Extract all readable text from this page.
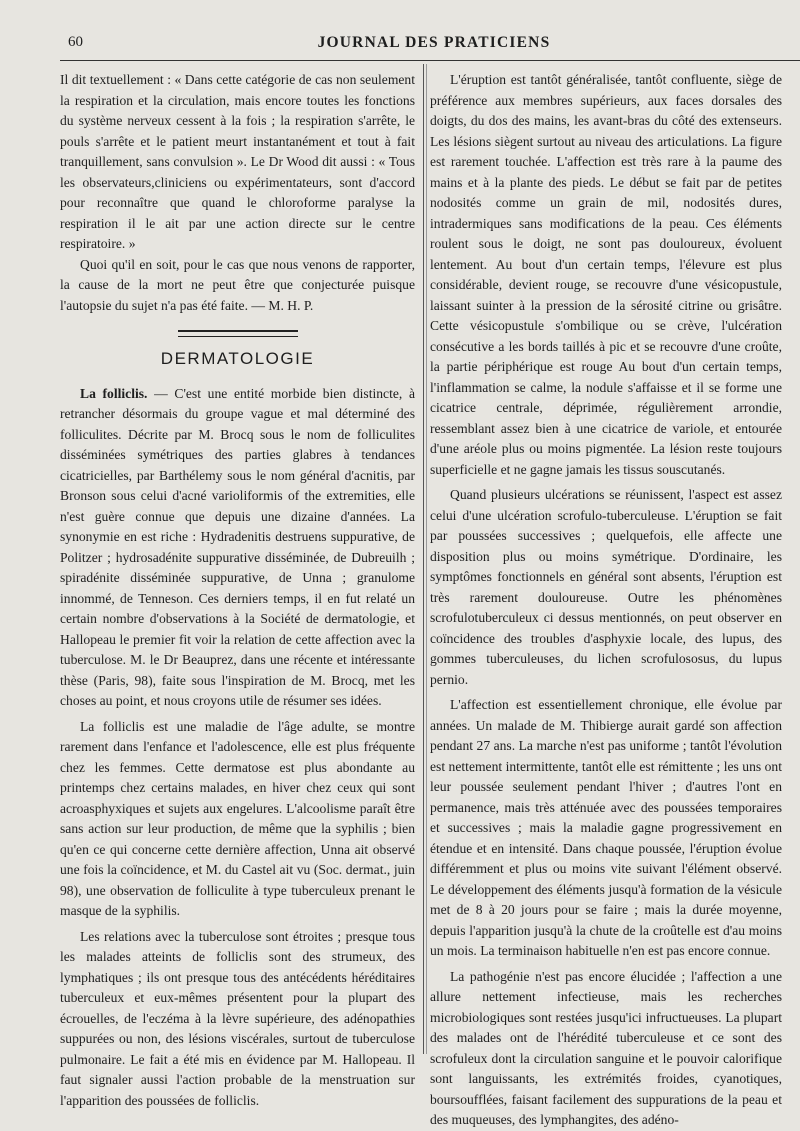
60	JOURNAL DES PRATICIENS

Il dit textuellement : « Dans cette catégorie de cas non seulement la respiration et la circulation, mais encore toutes les fonctions du système nerveux cessent à la fois ; la respiration s'arrête, le pouls s'arrête et le patient meurt instantanément et tout à fait tranquillement, sans convulsion ». Le Dr Wood dit aussi : « Tous les observateurs,cliniciens ou expérimentateurs, sont d'accord pour reconnaître que quand le chloroforme paralyse la respiration il le ait par une action directe sur le centre respiratoire. »

Quoi qu'il en soit, pour le cas que nous venons de rapporter, la cause de la mort ne peut être que conjecturée puisque l'autopsie du sujet n'a pas été faite. — M. H. P.

DERMATOLOGIE

La folliclis. — C'est une entité morbide bien distincte, à retrancher désormais du groupe vague et mal déterminé des folliculites. Décrite par M. Brocq sous le nom de folliculites disséminées symétriques des parties glabres à tendances cicatricielles, par Barthélemy sous le nom général d'acnitis, par Bronson sous celui d'acné varioliformis of the extremities, elle n'est guère connue que depuis une dizaine d'années. La synonymie en est riche : Hydradenitis destruens suppurative, de Politzer ; hydrosadénite suppurative disséminée, de Dubreuilh ; spiradénite disséminée suppurative, de Unna ; granulome innommé, de Tenneson. Ces derniers temps, il en fut relaté un certain nombre d'observations à la Société de dermatologie, et Hallopeau le premier fit voir la relation de cette affection avec la tuberculose. M. le Dr Beauprez, dans une récente et intéressante thèse (Paris, 98), faite sous l'inspiration de M. Brocq, met les choses au point, et nous croyons utile de résumer ses idées.

La folliclis est une maladie de l'âge adulte, se montre rarement dans l'enfance et l'adolescence, elle est plus fréquente chez les femmes. Cette dermatose est plus abondante au printemps chez certains malades, en hiver chez ceux qui sont acroasphyxiques et sujets aux engelures. L'alcoolisme paraît être sans action sur leur production, de même que la syphilis ; bien qu'en ce qui concerne cette dernière affection, Unna ait observé une fois la coïncidence, et M. du Castel ait vu (Soc. dermat., juin 98), une observation de folliculite à type tuberculeux prenant le masque de la syphilis.

Les relations avec la tuberculose sont étroites ; presque tous les malades atteints de folliclis sont des strumeux, des lymphatiques ; ils ont presque tous des antécédents héréditaires tuberculeux et eux-mêmes présentent pour la plupart des écrouelles, de l'eczéma à la lèvre supérieure, des adénopathies suppurées ou non, des lésions viscérales, surtout de tuberculose pulmonaire. Le fait a été mis en évidence par M. Hallopeau. Il faut signaler aussi l'action probable de la menstruation sur l'apparition des poussées de folliclis.

L'éruption est tantôt généralisée, tantôt confluente, siège de préférence aux membres supérieurs, aux faces dorsales des doigts, du dos des mains, les avant-bras du côté des extenseurs. Les lésions siègent surtout au niveau des articulations. La figure est rarement touchée. L'affection est très rare à la paume des mains et à la plante des pieds. Le début se fait par de petites nodosités comme un grain de mil, nodosités dures, intradermiques sans modifications de la peau. Ces éléments roulent sous le doigt, ne sont pas douloureux, évoluent lentement. Au bout d'un certain temps, l'élevure est plus considérable, devient rouge, se recouvre d'une vésicopustule, laissant suinter à la pression de la sérosité citrine ou grisâtre. Cette vésicopustule s'ombilique ou se crève, l'ulcération consécutive a les bords taillés à pic et se recouvre d'une croûte, la partie périphérique est rouge Au bout d'un certain temps, l'inflammation se calme, la nodule s'affaisse et il se forme une cicatrice centrale, déprimée, régulièrement arrondie, ressemblant assez bien à une cicatrice de variole, et entourée d'une aréole plus ou moins pigmentée. La lésion reste toujours superficielle et ne gagne jamais les tissus souscutanés.

Quand plusieurs ulcérations se réunissent, l'aspect est assez celui d'une ulcération scrofulo-tuberculeuse. L'éruption se fait par poussées successives ; quelquefois, elle affecte une disposition plus ou moins symétrique. D'ordinaire, les symptômes fonctionnels en général sont absents, l'éruption est très rarement douloureuse. Outre les phénomènes scrofulotuberculeux ci dessus mentionnés, on peut observer en coïncidence des troubles d'asphyxie locale, des lupus, des gommes tuberculeuses, du lichen scrofulososus, du lupus pernio.

L'affection est essentiellement chronique, elle évolue par années. Un malade de M. Thibierge aurait gardé son affection pendant 27 ans. La marche n'est pas uniforme ; tantôt l'évolution est nettement intermittente, tantôt elle est rémittente ; les uns ont leur poussée seulement pendant l'hiver ; d'autres l'ont en permanence, mais très atténuée avec des poussées temporaires et successives ; mais la maladie gagne progressivement en étendue et en intensité. Dans chaque poussée, l'éruption évolue différemment et plus ou moins vite suivant l'élément observé. Le développement des éléments jusqu'à formation de la vésicule met de 8 à 20 jours pour se faire ; mais la durée moyenne, depuis l'apparition jusqu'à la chute de la croûtelle est d'au moins un mois. La terminaison habituelle n'en est pas encore connue.

La pathogénie n'est pas encore élucidée ; l'affection a une allure nettement infectieuse, mais les recherches microbiologiques sont restées jusqu'ici infructueuses. La plupart des malades ont de l'hérédité tuberculeuse et ce sont des scrofuleux dont la circulation sanguine et le pouvoir calorifique sont languissants, les extrémités froides, cyanotiques, boursoufflées, faisant facilement des suppurations de la peau et des muqueuses, des lymphangites, des adéno-
